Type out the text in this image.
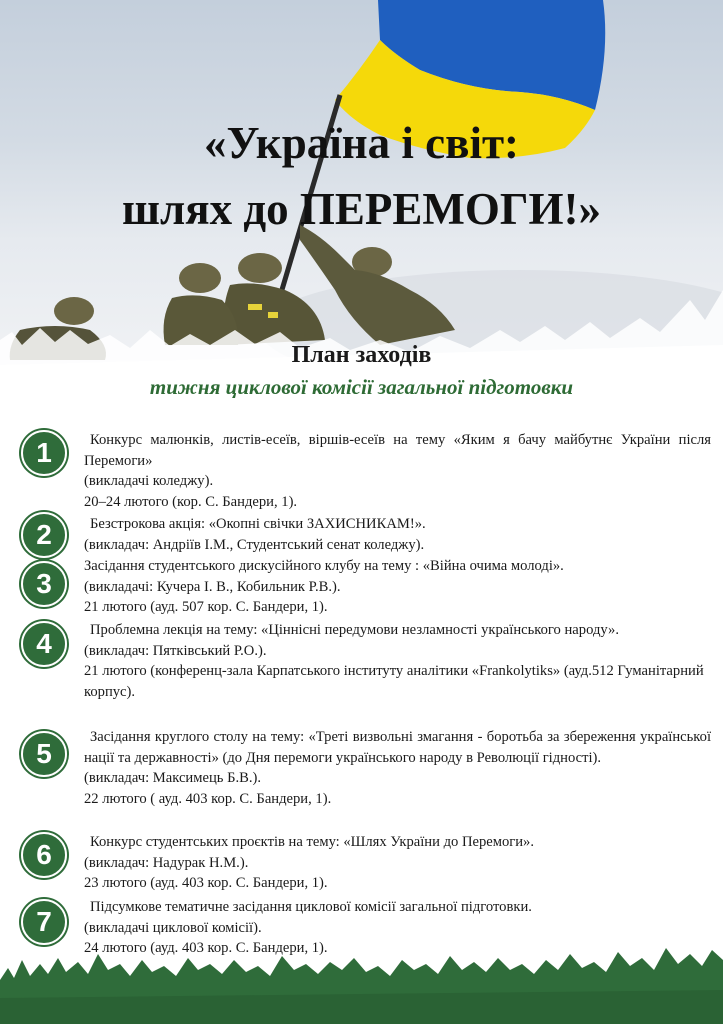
«Україна і світ:
шлях до ПЕРЕМОГИ!»
План заходів
тижня циклової комісії загальної підготовки
1	Конкурс малюнків, листів-есеїв, віршів-есеїв на тему «Яким я бачу майбутнє України після Перемоги»
(викладачі коледжу).
20–24 лютого (кор. С. Бандери, 1).
2	Безстрокова акція: «Окопні свічки ЗАХИСНИКАМ!».
(викладач: Андріїв І.М., Студентський сенат коледжу).
3
Засідання студентського дискусійного клубу на тему : «Війна очима молоді».
(викладачі: Кучера І. В., Кобильник Р.В.).
21 лютого (ауд. 507 кор. С. Бандери, 1).
4	Проблемна лекція на тему: «Ціннісні передумови незламності українського народу».
(викладач: Пятківський Р.О.).
21 лютого (конференц-зала Карпатського інституту аналітики «Frankolytiks» (ауд.512 Гуманітарний корпус).
5
Засідання круглого столу на тему: «Треті визвольні змагання - боротьба за збереження української нації та державності» (до Дня перемоги українського народу в Революції гідності).
(викладач: Максимець Б.В.).
22 лютого ( ауд. 403 кор. С. Бандери, 1).
6	Конкурс студентських проєктів на тему: «Шлях України до Перемоги».
(викладач: Надурак Н.М.).
23 лютого (ауд. 403 кор. С. Бандери, 1).
7	Підсумкове тематичне засідання циклової комісії загальної підготовки.
(викладачі циклової комісії).
24 лютого (ауд. 403 кор. С. Бандери, 1).
